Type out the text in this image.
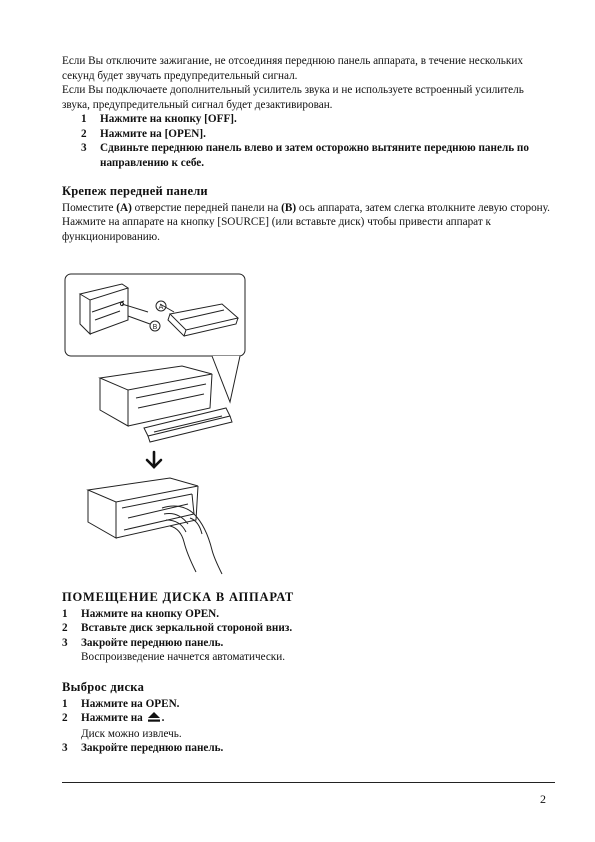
Если Вы отключите зажигание, не отсоединяя переднюю панель аппарата, в течение нескольких секунд будет звучать предупредительный сигнал.

Если Вы подключаете дополнительный усилитель звука и не используете встроенный усилитель звука, предупредительный сигнал будет дезактивирован.

1	Нажмите на кнопку [OFF].
2	Нажмите на [OPEN].
3	Сдвиньте переднюю панель влево и затем осторожно вытяните переднюю панель по направлению к себе.
Крепеж передней панели

Поместите (A) отверстие передней панели на (B) ось аппарата, затем слегка втолкните левую сторону. Нажмите на аппарате на кнопку [SOURCE] (или вставьте диск) чтобы привести аппарат к функционированию.

A
B
ПОМЕЩЕНИЕ ДИСКА В АППАРАТ
1	Нажмите на кнопку OPEN.
2	Вставьте диск зеркальной стороной вниз.
3	Закройте переднюю панель.
Воспроизведение начнется автоматически.
Выброс диска
1	Нажмите на OPEN.
2	Нажмите на .
Диск можно извлечь.
3	Закройте переднюю панель.
2
